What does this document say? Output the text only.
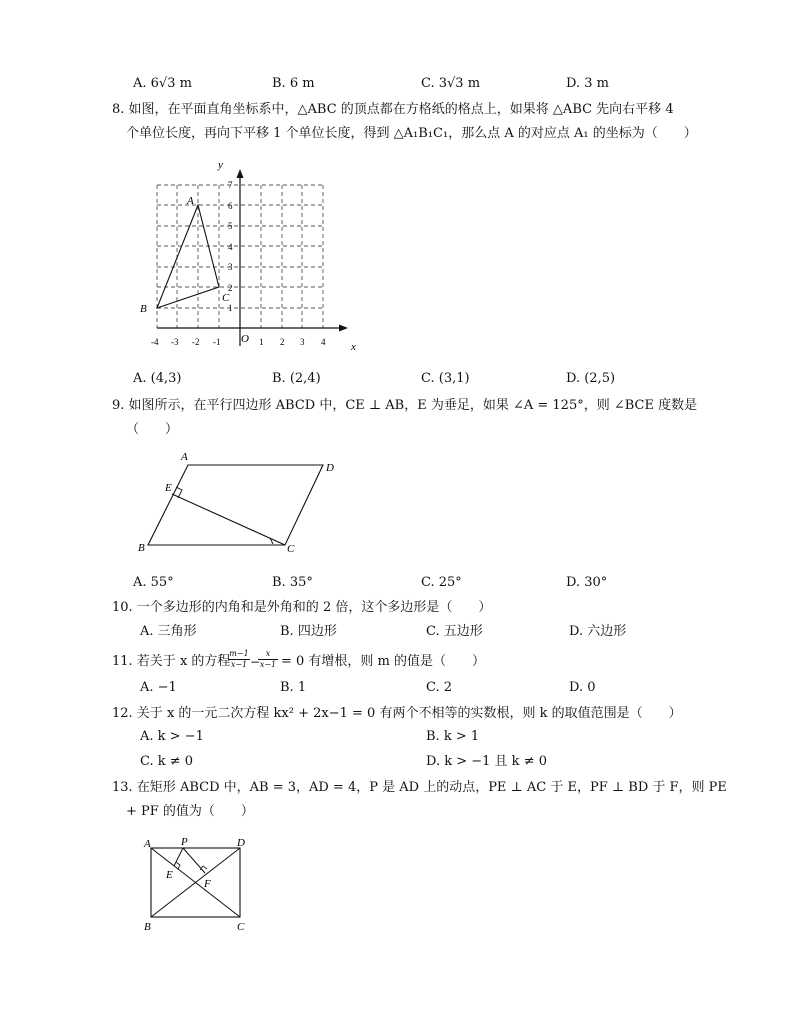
A. 6√3 m	B. 6 m	C. 3√3 m	D. 3 m
8. 如图，在平面直角坐标系中，△ABC 的顶点都在方格纸的格点上，如果将 △ABC 先向右平移 4
个单位长度，再向下平移 1 个单位长度，得到 △A₁B₁C₁，那么点 A 的对应点 A₁ 的坐标为（　　）
y
x
O
A
B
C
-4 -3 -2 -1	1 2 3 4
1
2
3
4
5
6
7
A. (4,3)	B. (2,4)	C. (3,1)	D. (2,5)
9. 如图所示，在平行四边形 ABCD 中，CE ⊥ AB，E 为垂足，如果 ∠A = 125°，则 ∠BCE 度数是
（　　）
A
B	C
D
E
A. 55°	B. 35°	C. 25°	D. 30°
10. 一个多边形的内角和是外角和的 2 倍，这个多边形是（　　）
A. 三角形	B. 四边形	C. 五边形	D. 六边形
11. 若关于 x 的方程
$\frac{m-1}{x-1}$ −
$\frac{x}{x-1} = 0$ 有增根，则 m 的值是（　　）
A. −1	B. 1	C. 2	D. 0
12. 关于 x 的一元二次方程 kx² + 2x−1 = 0 有两个不相等的实数根，则 k 的取值范围是（　　）
A. k > −1	B. k > 1
C. k ≠ 0	D. k > −1 且 k ≠ 0
13. 在矩形 ABCD 中，AB = 3，AD = 4，P 是 AD 上的动点，PE ⊥ AC 于 E，PF ⊥ BD 于 F，则 PE
+ PF 的值为（　　）
A
B	C
D
P
E
F
